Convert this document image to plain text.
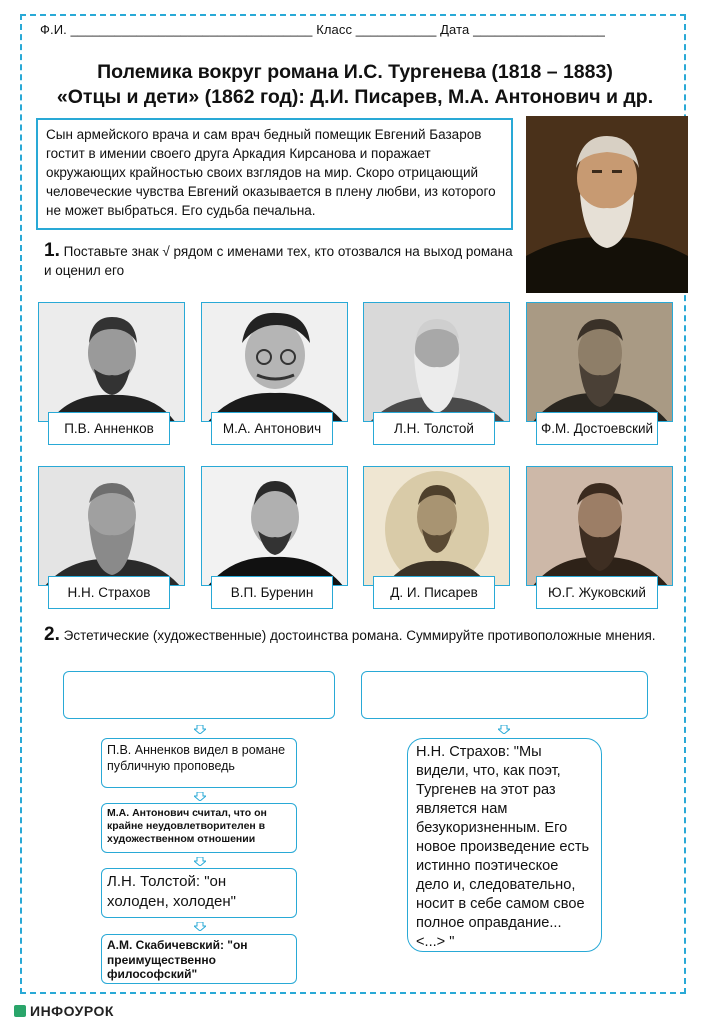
Ф.И. _________________________________ Класс ___________ Дата __________________
Полемика вокруг романа И.С. Тургенева (1818 – 1883)
«Отцы и дети» (1862 год): Д.И. Писарев, М.А. Антонович и др.
Сын армейского врача и сам врач бедный помещик Евгений Базаров гостит в имении своего друга Аркадия Кирсанова и поражает окружающих крайностью своих взглядов на мир. Скоро отрицающий человеческие чувства Евгений оказывается в плену любви, из которого не может выбраться. Его судьба печальна.
1. Поставьте знак √ рядом с именами тех, кто отозвался на выход романа и оценил его
П.В. Анненков	М.А. Антонович	Л.Н. Толстой	Ф.М. Достоевский
Н.Н. Страхов	В.П. Буренин	Д. И. Писарев	Ю.Г. Жуковский
2. Эстетические (художественные) достоинства романа. Суммируйте противоположные мнения.
П.В. Анненков видел в романе публичную проповедь
М.А. Антонович считал, что он крайне неудовлетворителен в художественном отношении
Л.Н. Толстой: "он холоден, холоден"
А.М. Скабичевский: "он преимущественно философский"
Н.Н. Страхов: "Мы видели, что, как поэт, Тургенев на этот раз является нам безукоризненным. Его новое произведение есть истинно поэтическое дело и, следовательно, носит в себе самом свое полное оправдание... <...> "
ИНФОУРОК
